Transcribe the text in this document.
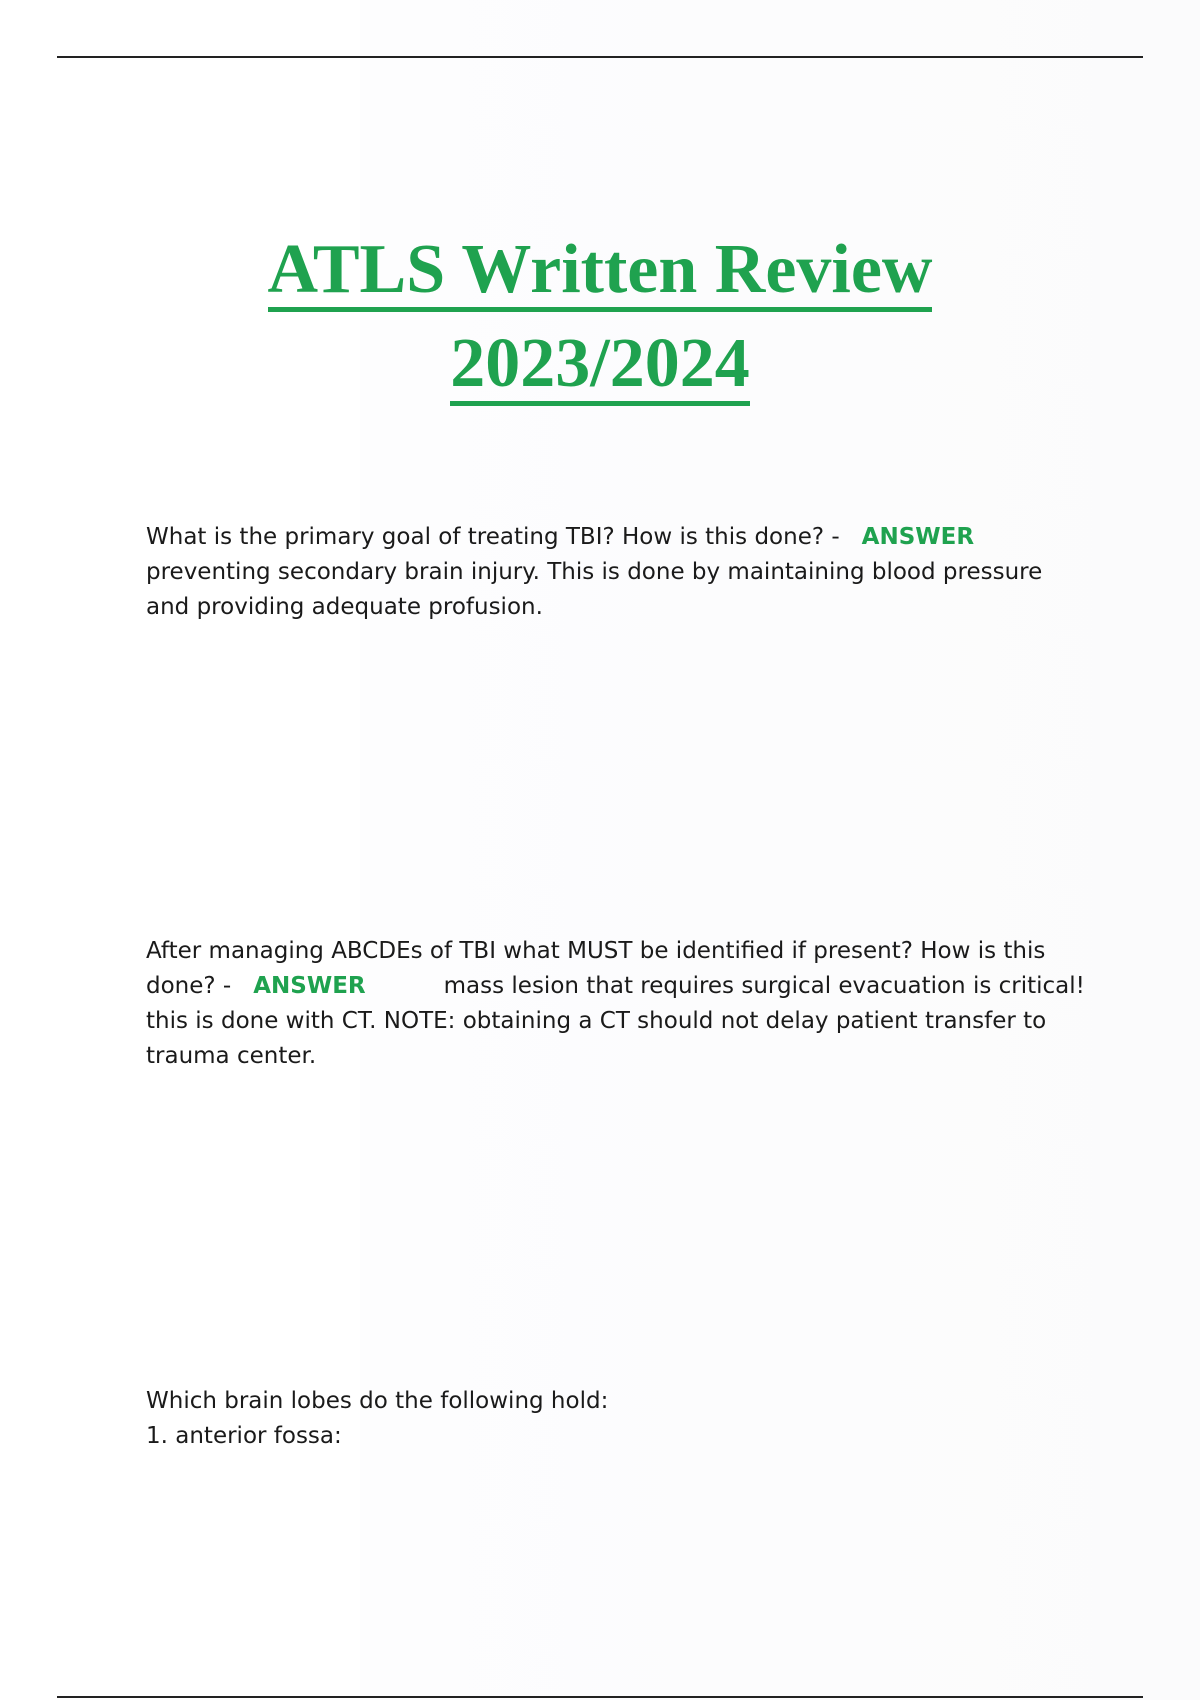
ATLS Written Review
2023/2024
What is the primary goal of treating TBI? How is this done? - ANSWER preventing secondary brain injury. This is done by maintaining blood pressure and providing adequate profusion.
After managing ABCDEs of TBI what MUST be identified if present? How is this done? - ANSWER	mass lesion that requires surgical evacuation is critical! this is done with CT. NOTE: obtaining a CT should not delay patient transfer to trauma center.
Which brain lobes do the following hold:
1. anterior fossa:
